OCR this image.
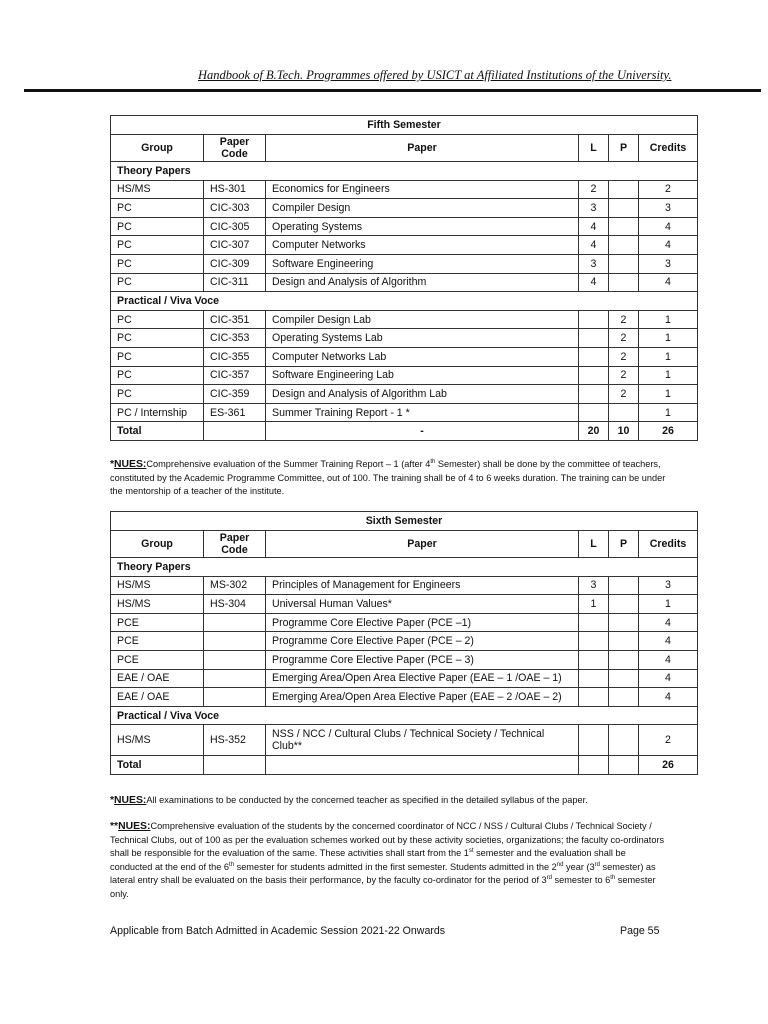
Handbook of B.Tech. Programmes offered by USICT at Affiliated Institutions of the University.
Fifth Semester					
Group	Paper Code	Paper	L	P	Credits
Theory Papers					
HS/MS	HS-301	Economics for Engineers	2		2
PC	CIC-303	Compiler Design	3		3
PC	CIC-305	Operating Systems	4		4
PC	CIC-307	Computer Networks	4		4
PC	CIC-309	Software Engineering	3		3
PC	CIC-311	Design and Analysis of Algorithm	4		4
Practical / Viva Voce					
PC	CIC-351	Compiler Design Lab		2	1
PC	CIC-353	Operating Systems Lab		2	1
PC	CIC-355	Computer Networks Lab		2	1
PC	CIC-357	Software Engineering Lab		2	1
PC	CIC-359	Design and Analysis of Algorithm Lab		2	1
PC / Internship	ES-361	Summer Training Report - 1 *			1
Total		-	20	10	26
*NUES:Comprehensive evaluation of the Summer Training Report – 1 (after 4th Semester) shall be done by the committee of teachers, constituted by the Academic Programme Committee, out of 100. The training shall be of 4 to 6 weeks duration. The training can be under the mentorship of a teacher of the institute.
Sixth Semester					
Group	Paper Code	Paper	L	P	Credits
Theory Papers					
HS/MS	MS-302	Principles of Management for Engineers	3		3
HS/MS	HS-304	Universal Human Values*	1		1
PCE		Programme Core Elective Paper (PCE –1)			4
PCE		Programme Core Elective Paper (PCE – 2)			4
PCE		Programme Core Elective Paper (PCE – 3)			4
EAE / OAE		Emerging Area/Open Area Elective Paper (EAE – 1 /OAE – 1)			4
EAE / OAE		Emerging Area/Open Area Elective Paper (EAE – 2 /OAE – 2)			4
Practical / Viva Voce					
HS/MS	HS-352	NSS / NCC / Cultural Clubs / Technical Society / Technical Club**			2
Total					26
*NUES:All examinations to be conducted by the concerned teacher as specified in the detailed syllabus of the paper.
**NUES:Comprehensive evaluation of the students by the concerned coordinator of NCC / NSS / Cultural Clubs / Technical Society / Technical Clubs, out of 100 as per the evaluation schemes worked out by these activity societies, organizations; the faculty co-ordinators shall be responsible for the evaluation of the same. These activities shall start from the 1st semester and the evaluation shall be conducted at the end of the 6th semester for students admitted in the first semester. Students admitted in the 2nd year (3rd semester) as lateral entry shall be evaluated on the basis their performance, by the faculty co-ordinator for the period of 3rd semester to 6th semester only.
Applicable from Batch Admitted in Academic Session 2021-22 Onwards	Page 55
